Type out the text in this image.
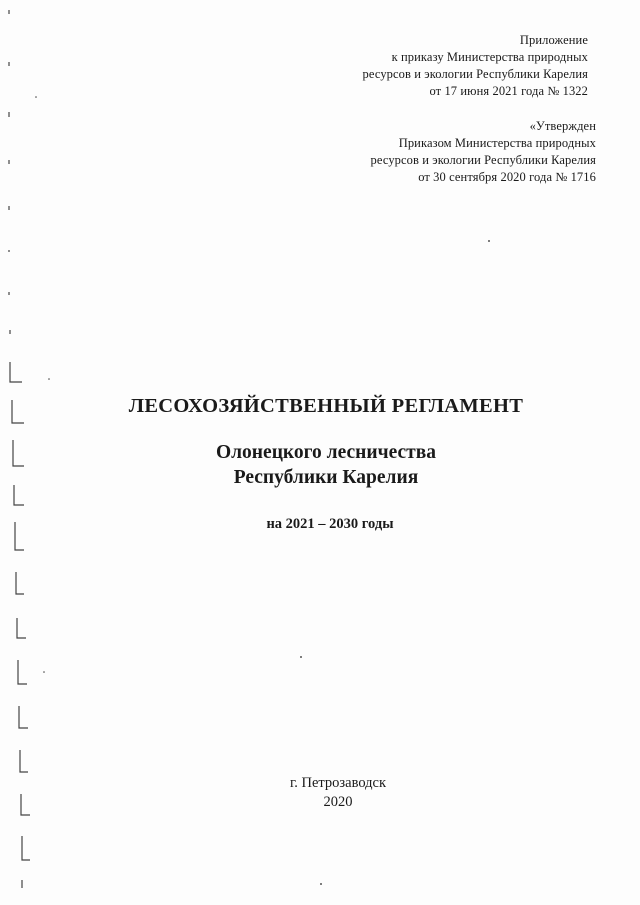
Приложение
к приказу Министерства природных
ресурсов и экологии Республики Карелия
от 17 июня 2021 года № 1322
«Утвержден
Приказом Министерства природных
ресурсов и экологии Республики Карелия
от 30 сентября 2020 года № 1716
ЛЕСОХОЗЯЙСТВЕННЫЙ РЕГЛАМЕНТ
Олонецкого лесничества
Республики Карелия
на 2021 – 2030 годы
г. Петрозаводск
2020
